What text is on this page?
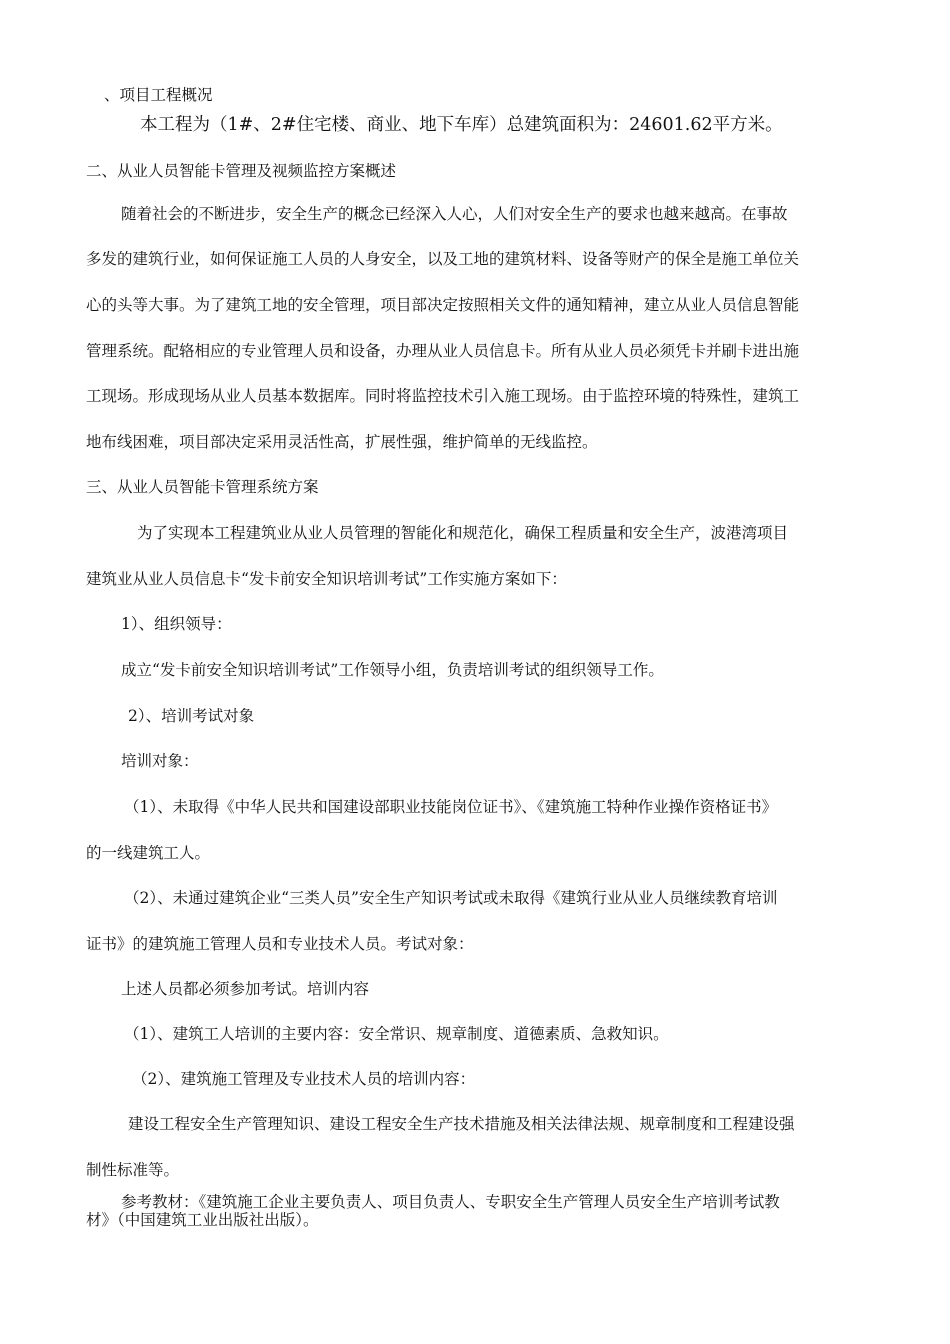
、项目工程概况
本工程为（1#、2#住宅楼、商业、地下车库）总建筑面积为：24601.62平方米。
二、从业人员智能卡管理及视频监控方案概述
随着社会的不断进步，安全生产的概念已经深入人心，人们对安全生产的要求也越来越高。在事故
多发的建筑行业，如何保证施工人员的人身安全，以及工地的建筑材料、设备等财产的保全是施工单位关
心的头等大事。为了建筑工地的安全管理，项目部决定按照相关文件的通知精神，建立从业人员信息智能
管理系统。配辂相应的专业管理人员和设备，办理从业人员信息卡。所有从业人员必须凭卡并刷卡进出施
工现场。形成现场从业人员基本数据库。同时将监控技术引入施工现场。由于监控环境的特殊性，建筑工
地布线困难，项目部决定采用灵活性高，扩展性强，维护简单的无线监控。
三、从业人员智能卡管理系统方案
为了实现本工程建筑业从业人员管理的智能化和规范化，确保工程质量和安全生产，波港湾项目
建筑业从业人员信息卡“发卡前安全知识培训考试”工作实施方案如下：
1）、组织领导：
成立“发卡前安全知识培训考试”工作领导小组，负责培训考试的组织领导工作。
2）、培训考试对象
培训对象：
（1）、未取得《中华人民共和国建设部职业技能岗位证书》、《建筑施工特种作业操作资格证书》
的一线建筑工人。
（2）、未通过建筑企业“三类人员”安全生产知识考试或未取得《建筑行业从业人员继续教育培训
证书》的建筑施工管理人员和专业技术人员。考试对象：
上述人员都必须参加考试。培训内容
（1）、建筑工人培训的主要内容：安全常识、规章制度、道德素质、急救知识。
（2）、建筑施工管理及专业技术人员的培训内容：
建设工程安全生产管理知识、建设工程安全生产技术措施及相关法律法规、规章制度和工程建设强
制性标准等。
参考教材：《建筑施工企业主要负责人、项目负责人、专职安全生产管理人员安全生产培训考试教
材》（中国建筑工业出版社出版）。
